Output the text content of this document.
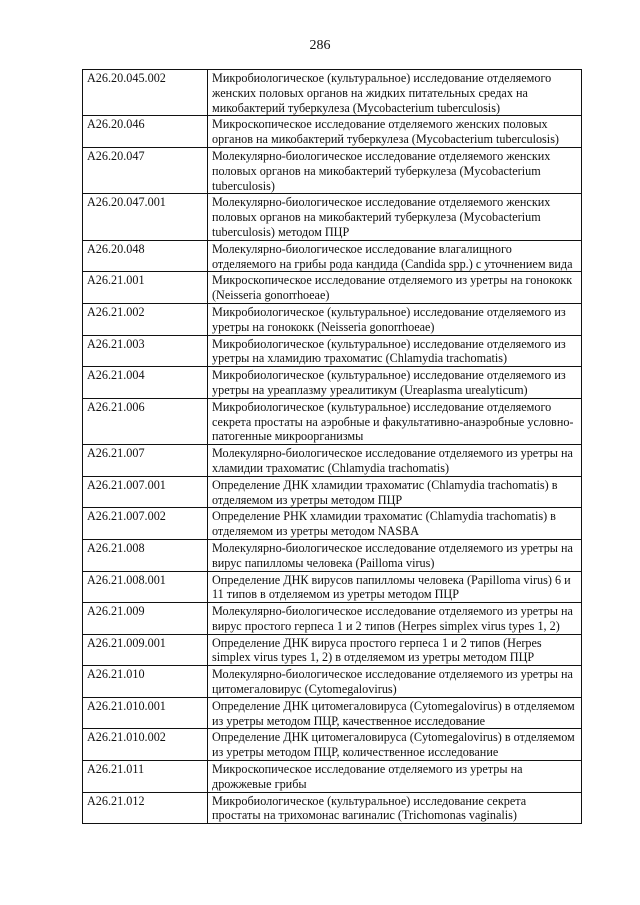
286
A26.20.045.002	Микробиологическое (культуральное) исследование отделяемого женских половых органов на жидких питательных средах на микобактерий туберкулеза (Mycobacterium tuberculosis)
A26.20.046	Микроскопическое исследование отделяемого женских половых органов на микобактерий туберкулеза (Mycobacterium tuberculosis)
A26.20.047	Молекулярно-биологическое исследование отделяемого женских половых органов на микобактерий туберкулеза (Mycobacterium tuberculosis)
A26.20.047.001	Молекулярно-биологическое исследование отделяемого женских половых органов на микобактерий туберкулеза (Mycobacterium tuberculosis) методом ПЦР
A26.20.048	Молекулярно-биологическое исследование влагалищного отделяемого на грибы рода кандида (Candida spp.) с уточнением вида
A26.21.001	Микроскопическое исследование отделяемого из уретры на гонококк (Neisseria gonorrhoeae)
A26.21.002	Микробиологическое (культуральное) исследование отделяемого из уретры на гонококк (Neisseria gonorrhoeae)
A26.21.003	Микробиологическое (культуральное) исследование отделяемого из уретры на хламидию трахоматис (Chlamydia trachomatis)
A26.21.004	Микробиологическое (культуральное) исследование отделяемого из уретры на уреаплазму уреалитикум (Ureaplasma urealyticum)
A26.21.006	Микробиологическое (культуральное) исследование отделяемого секрета простаты на аэробные и факультативно-анаэробные условно-патогенные микроорганизмы
A26.21.007	Молекулярно-биологическое исследование отделяемого из уретры на хламидии трахоматис (Chlamydia trachomatis)
A26.21.007.001	Определение ДНК хламидии трахоматис (Chlamydia trachomatis) в отделяемом из уретры методом ПЦР
A26.21.007.002	Определение РНК хламидии трахоматис (Chlamydia trachomatis) в отделяемом из уретры методом NASBA
A26.21.008	Молекулярно-биологическое исследование отделяемого из уретры на вирус папилломы человека (Pailloma virus)
A26.21.008.001	Определение ДНК вирусов папилломы человека (Papilloma virus) 6 и 11 типов в отделяемом из уретры методом ПЦР
A26.21.009	Молекулярно-биологическое исследование отделяемого из уретры на вирус простого герпеса 1 и 2 типов (Herpes simplex virus types 1, 2)
A26.21.009.001	Определение ДНК вируса простого герпеса 1 и 2 типов (Herpes simplex virus types 1, 2) в отделяемом из уретры методом ПЦР
A26.21.010	Молекулярно-биологическое исследование отделяемого из уретры на цитомегаловирус (Cytomegalovirus)
A26.21.010.001	Определение ДНК цитомегаловируса (Cytomegalovirus) в отделяемом из уретры методом ПЦР, качественное исследование
A26.21.010.002	Определение ДНК цитомегаловируса (Cytomegalovirus) в отделяемом из уретры методом ПЦР, количественное исследование
A26.21.011	Микроскопическое исследование отделяемого из уретры на дрожжевые грибы
A26.21.012	Микробиологическое (культуральное) исследование секрета простаты на трихомонас вагиналис (Trichomonas vaginalis)
